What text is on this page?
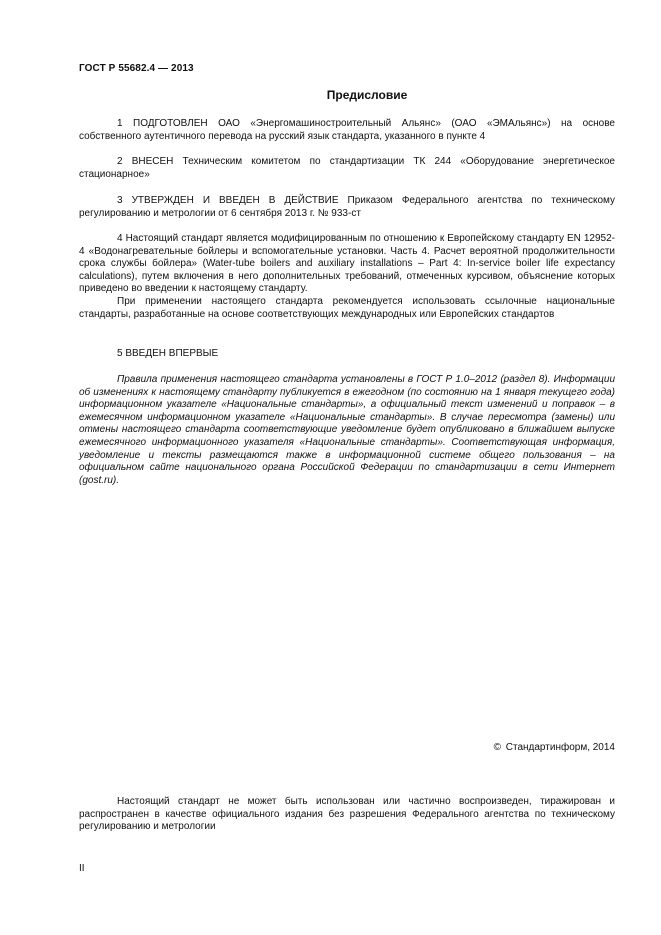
ГОСТ Р 55682.4 — 2013
Предисловие

1 ПОДГОТОВЛЕН ОАО «Энергомашиностроительный Альянс» (ОАО «ЭМАльянс») на основе собственного аутентичного перевода на русский язык стандарта, указанного в пункте 4

2 ВНЕСЕН Техническим комитетом по стандартизации ТК 244 «Оборудование энергетическое стационарное»

3 УТВЕРЖДЕН И ВВЕДЕН В ДЕЙСТВИЕ Приказом Федерального агентства по техническому регулированию и метрологии от 6 сентября 2013 г. № 933-ст

4 Настоящий стандарт является модифицированным по отношению к Европейскому стандарту EN 12952-4 «Водонагревательные бойлеры и вспомогательные установки. Часть 4. Расчет вероятной продолжительности срока службы бойлера» (Water-tube boilers and auxiliary installations – Part 4: In-service boiler life expectancy calculations), путем включения в него дополнительных требований, отмеченных курсивом, объяснение которых приведено во введении к настоящему стандарту.

При применении настоящего стандарта рекомендуется использовать ссылочные национальные стандарты, разработанные на основе соответствующих международных или Европейских стандартов

5 ВВЕДЕН ВПЕРВЫЕ

Правила применения настоящего стандарта установлены в ГОСТ Р 1.0–2012 (раздел 8). Информации об изменениях к настоящему стандарту публикуется в ежегодном (по состоянию на 1 января текущего года) информационном указателе «Национальные стандарты», а официальный текст изменений и поправок – в ежемесячном информационном указателе «Национальные стандарты». В случае пересмотра (замены) или отмены настоящего стандарта соответствующие уведомление будет опубликовано в ближайшем выпуске ежемесячного информационного указателя «Национальные стандарты». Соответствующая информация, уведомление и тексты размещаются также в информационной системе общего пользования – на официальном сайте национального органа Российской Федерации по стандартизации в сети Интернет (gost.ru).

© Стандартинформ, 2014

Настоящий стандарт не может быть использован или частично воспроизведен, тиражирован и распространен в качестве официального издания без разрешения Федерального агентства по техническому регулированию и метрологии

II
